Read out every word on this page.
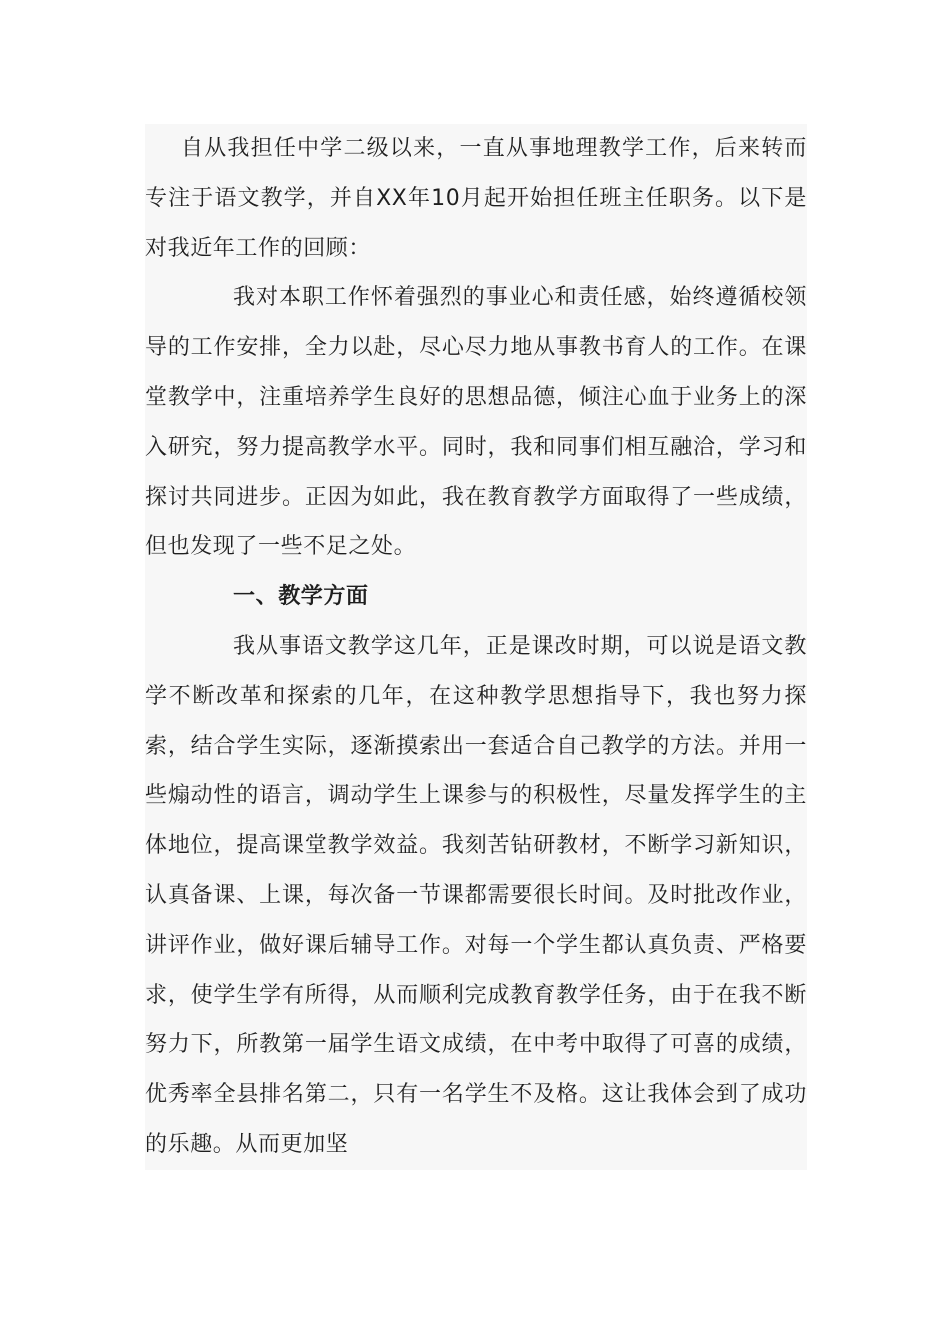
自从我担任中学二级以来，一直从事地理教学工作，后来转而专注于语文教学，并自XX年10月起开始担任班主任职务。以下是对我近年工作的回顾：

我对本职工作怀着强烈的事业心和责任感，始终遵循校领导的工作安排，全力以赴，尽心尽力地从事教书育人的工作。在课堂教学中，注重培养学生良好的思想品德，倾注心血于业务上的深入研究，努力提高教学水平。同时，我和同事们相互融洽，学习和探讨共同进步。正因为如此，我在教育教学方面取得了一些成绩，但也发现了一些不足之处。

一、教学方面

我从事语文教学这几年，正是课改时期，可以说是语文教学不断改革和探索的几年，在这种教学思想指导下，我也努力探索，结合学生实际，逐渐摸索出一套适合自己教学的方法。并用一些煽动性的语言，调动学生上课参与的积极性，尽量发挥学生的主体地位，提高课堂教学效益。我刻苦钻研教材，不断学习新知识，认真备课、上课，每次备一节课都需要很长时间。及时批改作业，讲评作业，做好课后辅导工作。对每一个学生都认真负责、严格要求，使学生学有所得，从而顺利完成教育教学任务，由于在我不断努力下，所教第一届学生语文成绩，在中考中取得了可喜的成绩，优秀率全县排名第二，只有一名学生不及格。这让我体会到了成功的乐趣。从而更加坚
